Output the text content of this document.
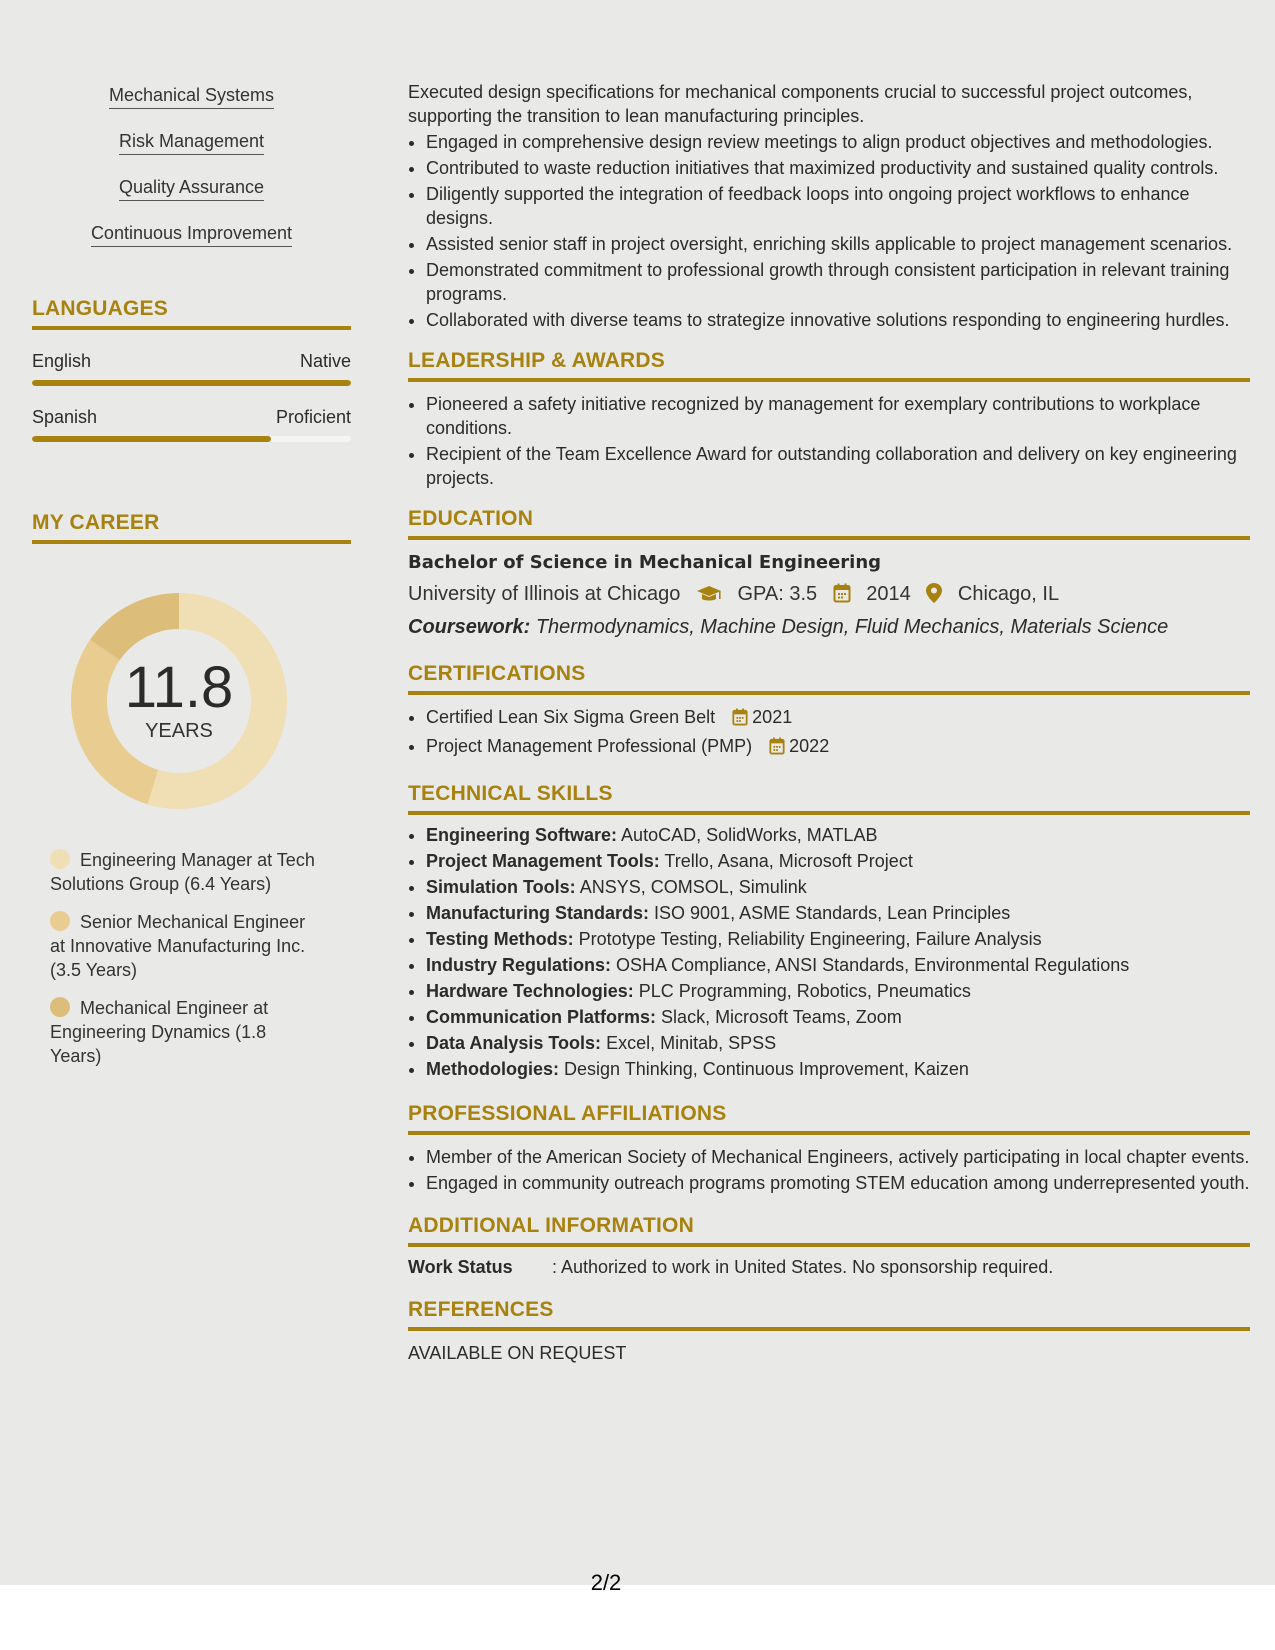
Mechanical Systems
Risk Management
Quality Assurance
Continuous Improvement
LANGUAGES
English	Native
Spanish	Proficient
MY CAREER
11.8
YEARS
Engineering Manager at Tech Solutions Group (6.4 Years)
Senior Mechanical Engineer at Innovative Manufacturing Inc. (3.5 Years)
Mechanical Engineer at Engineering Dynamics (1.8 Years)

Executed design specifications for mechanical components crucial to successful project outcomes, supporting the transition to lean manufacturing principles.

• Engaged in comprehensive design review meetings to align product objectives and methodologies.
• Contributed to waste reduction initiatives that maximized productivity and sustained quality controls.
• Diligently supported the integration of feedback loops into ongoing project workflows to enhance designs.
• Assisted senior staff in project oversight, enriching skills applicable to project management scenarios.
• Demonstrated commitment to professional growth through consistent participation in relevant training programs.
• Collaborated with diverse teams to strategize innovative solutions responding to engineering hurdles.
LEADERSHIP & AWARDS
• Pioneered a safety initiative recognized by management for exemplary contributions to workplace conditions.
• Recipient of the Team Excellence Award for outstanding collaboration and delivery on key engineering projects.
EDUCATION
Bachelor of Science in Mechanical Engineering
University of Illinois at Chicago	GPA: 3.5 2014 Chicago, IL
Coursework: Thermodynamics, Machine Design, Fluid Mechanics, Materials Science
CERTIFICATIONS
• Certified Lean Six Sigma Green Belt 2021
• Project Management Professional (PMP) 2022
TECHNICAL SKILLS
• Engineering Software: AutoCAD, SolidWorks, MATLAB
• Project Management Tools: Trello, Asana, Microsoft Project
• Simulation Tools: ANSYS, COMSOL, Simulink
• Manufacturing Standards: ISO 9001, ASME Standards, Lean Principles
• Testing Methods: Prototype Testing, Reliability Engineering, Failure Analysis
• Industry Regulations: OSHA Compliance, ANSI Standards, Environmental Regulations
• Hardware Technologies: PLC Programming, Robotics, Pneumatics
• Communication Platforms: Slack, Microsoft Teams, Zoom
• Data Analysis Tools: Excel, Minitab, SPSS
• Methodologies: Design Thinking, Continuous Improvement, Kaizen
PROFESSIONAL AFFILIATIONS
• Member of the American Society of Mechanical Engineers, actively participating in local chapter events.
• Engaged in community outreach programs promoting STEM education among underrepresented youth.
ADDITIONAL INFORMATION
Work Status : Authorized to work in United States. No sponsorship required.
REFERENCES
AVAILABLE ON REQUEST
2/2
